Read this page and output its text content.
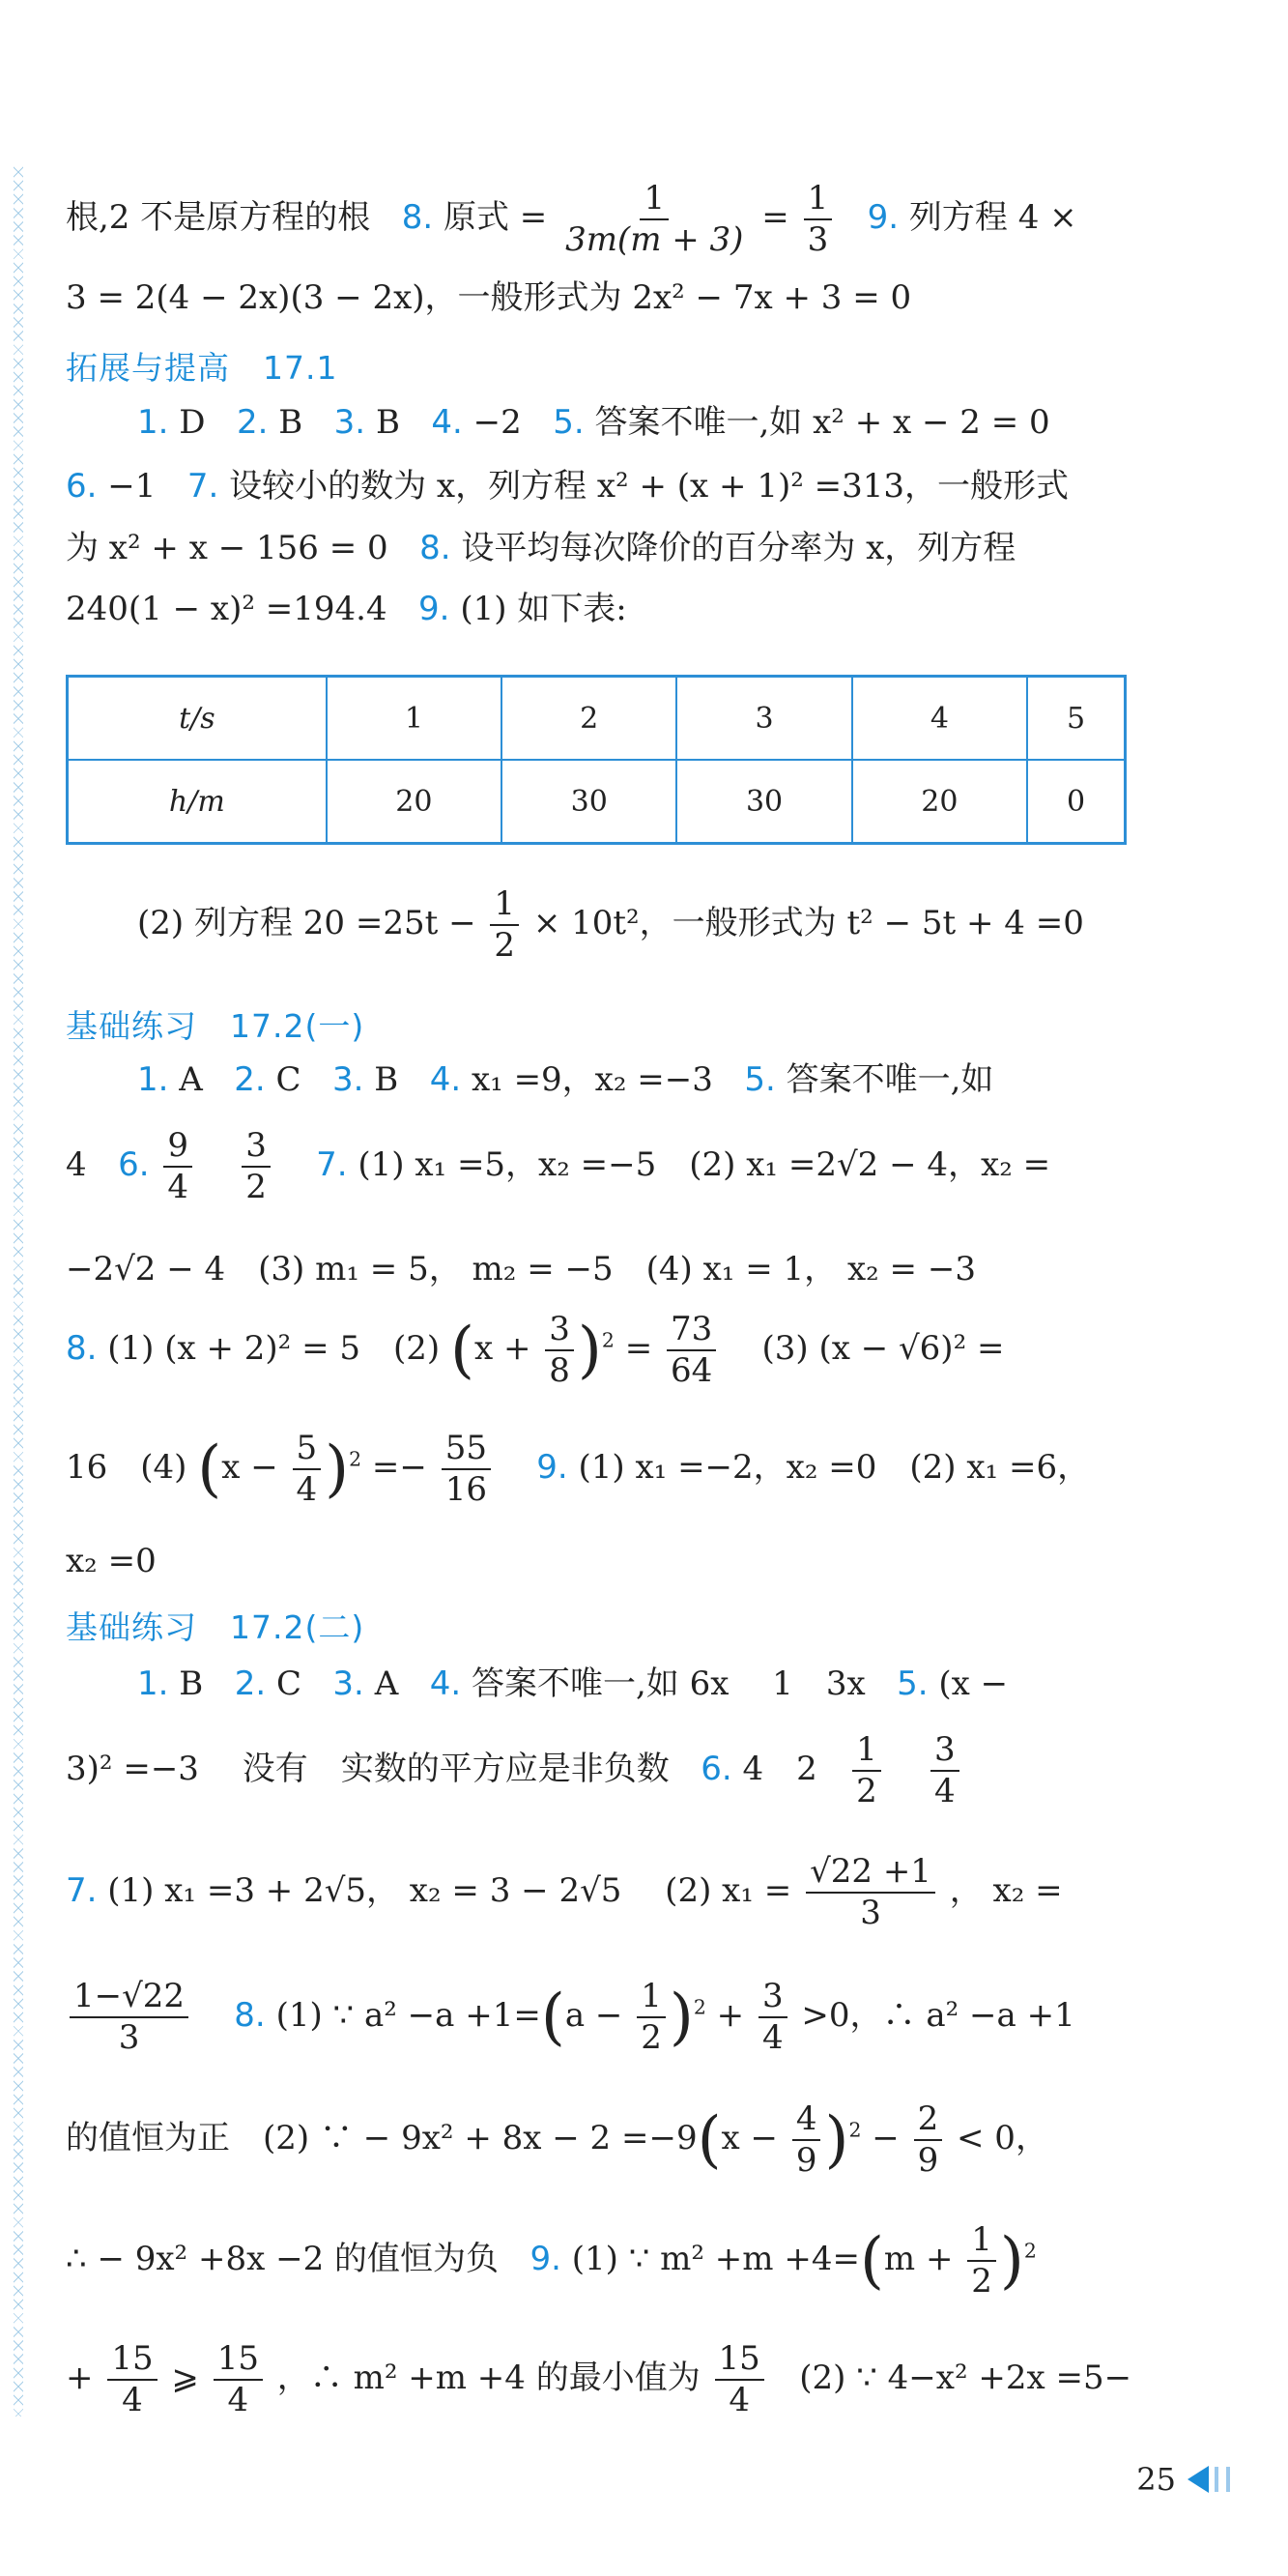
根,2 不是原方程的根 8. 原式 = $\frac{1}{3m(m + 3)} = \frac{1}{3} 9$. 列方程 4 ×
3 = 2(4 − 2x)(3 − 2x)，一般形式为 2x² − 7x + 3 = 0
拓展与提高　17.1
1. D 2. B 3. B 4. −2 5. 答案不唯一,如 x² + x − 2 = 0
6. −1 7. 设较小的数为 x，列方程 x² + (x + 1)² =313，一般形式
为 x² + x − 156 = 0 8. 设平均每次降价的百分率为 x，列方程
240(1 − x)² =194.4 9. (1) 如下表:
t/s	1	2	3	4	5
h/m	20	30	30	20	0
(2) 列方程 $20 =25t - \frac{1}{2} \times 10t^2$，一般形式为 t² − 5t + 4 =0
基础练习　17.2(一)
1. A 2. C 3. B 4. x₁ =9，x₂ =−3 5. 答案不唯一,如
4 6. $\frac{9}{4}$
$\frac{3}{2} 7$. (1) x₁ =5，x₂ =−5　(2) x₁ =2√2 − 4，x₂ =
−2√2 − 4　(3) m₁ = 5， m₂ = −5　(4) x₁ = 1， x₂ = −3
8. (1) (x + 2)² = 5　(2) $(x + \frac{3}{8} )^2 = \frac{73}{64} (3)$ (x − √6)² =
16　(4) $(x - \frac{5}{4} )^2 =- \frac{55}{16} 9$. (1) x₁ =−2，x₂ =0　(2) x₁ =6，
x₂ =0
基础练习　17.2(二)
1. B 2. C 3. A 4. 答案不唯一,如 6x　 1　3x 5. (x −
3)² =−3　 没有　实数的平方应是非负数 6. 4　$2 \frac{1}{2}$
$\frac{3}{4}$
7. (1) x₁ =3 + 2√5， x₂ = 3 − 2√5　 (2) $x_1 = \frac{√22 +1}{3}$ ， x₂ =
$\frac{1-√22}{3} 8$. (1) ∵ $a^2 -a +1=(a - \frac{1}{2} )^2 + \frac{3}{4} >0$，∴ a² −a +1
的值恒为正　(2) ∵ − $9x^2 + 8x - 2 =-9(x - \frac{4}{9} )^2 - \frac{2}{9} < 0$，
∴ − 9x² +8x −2 的值恒为负 9. (1) ∵ $m^2 +m +4=(m + \frac{1}{2} )^2$
+ $\frac{15}{4}$ ⩾ $\frac{15}{4}$ ，∴ m² +m +4 的最小值为 $\frac{15}{4} (2)$ ∵ 4−x² +2x =5−
25
